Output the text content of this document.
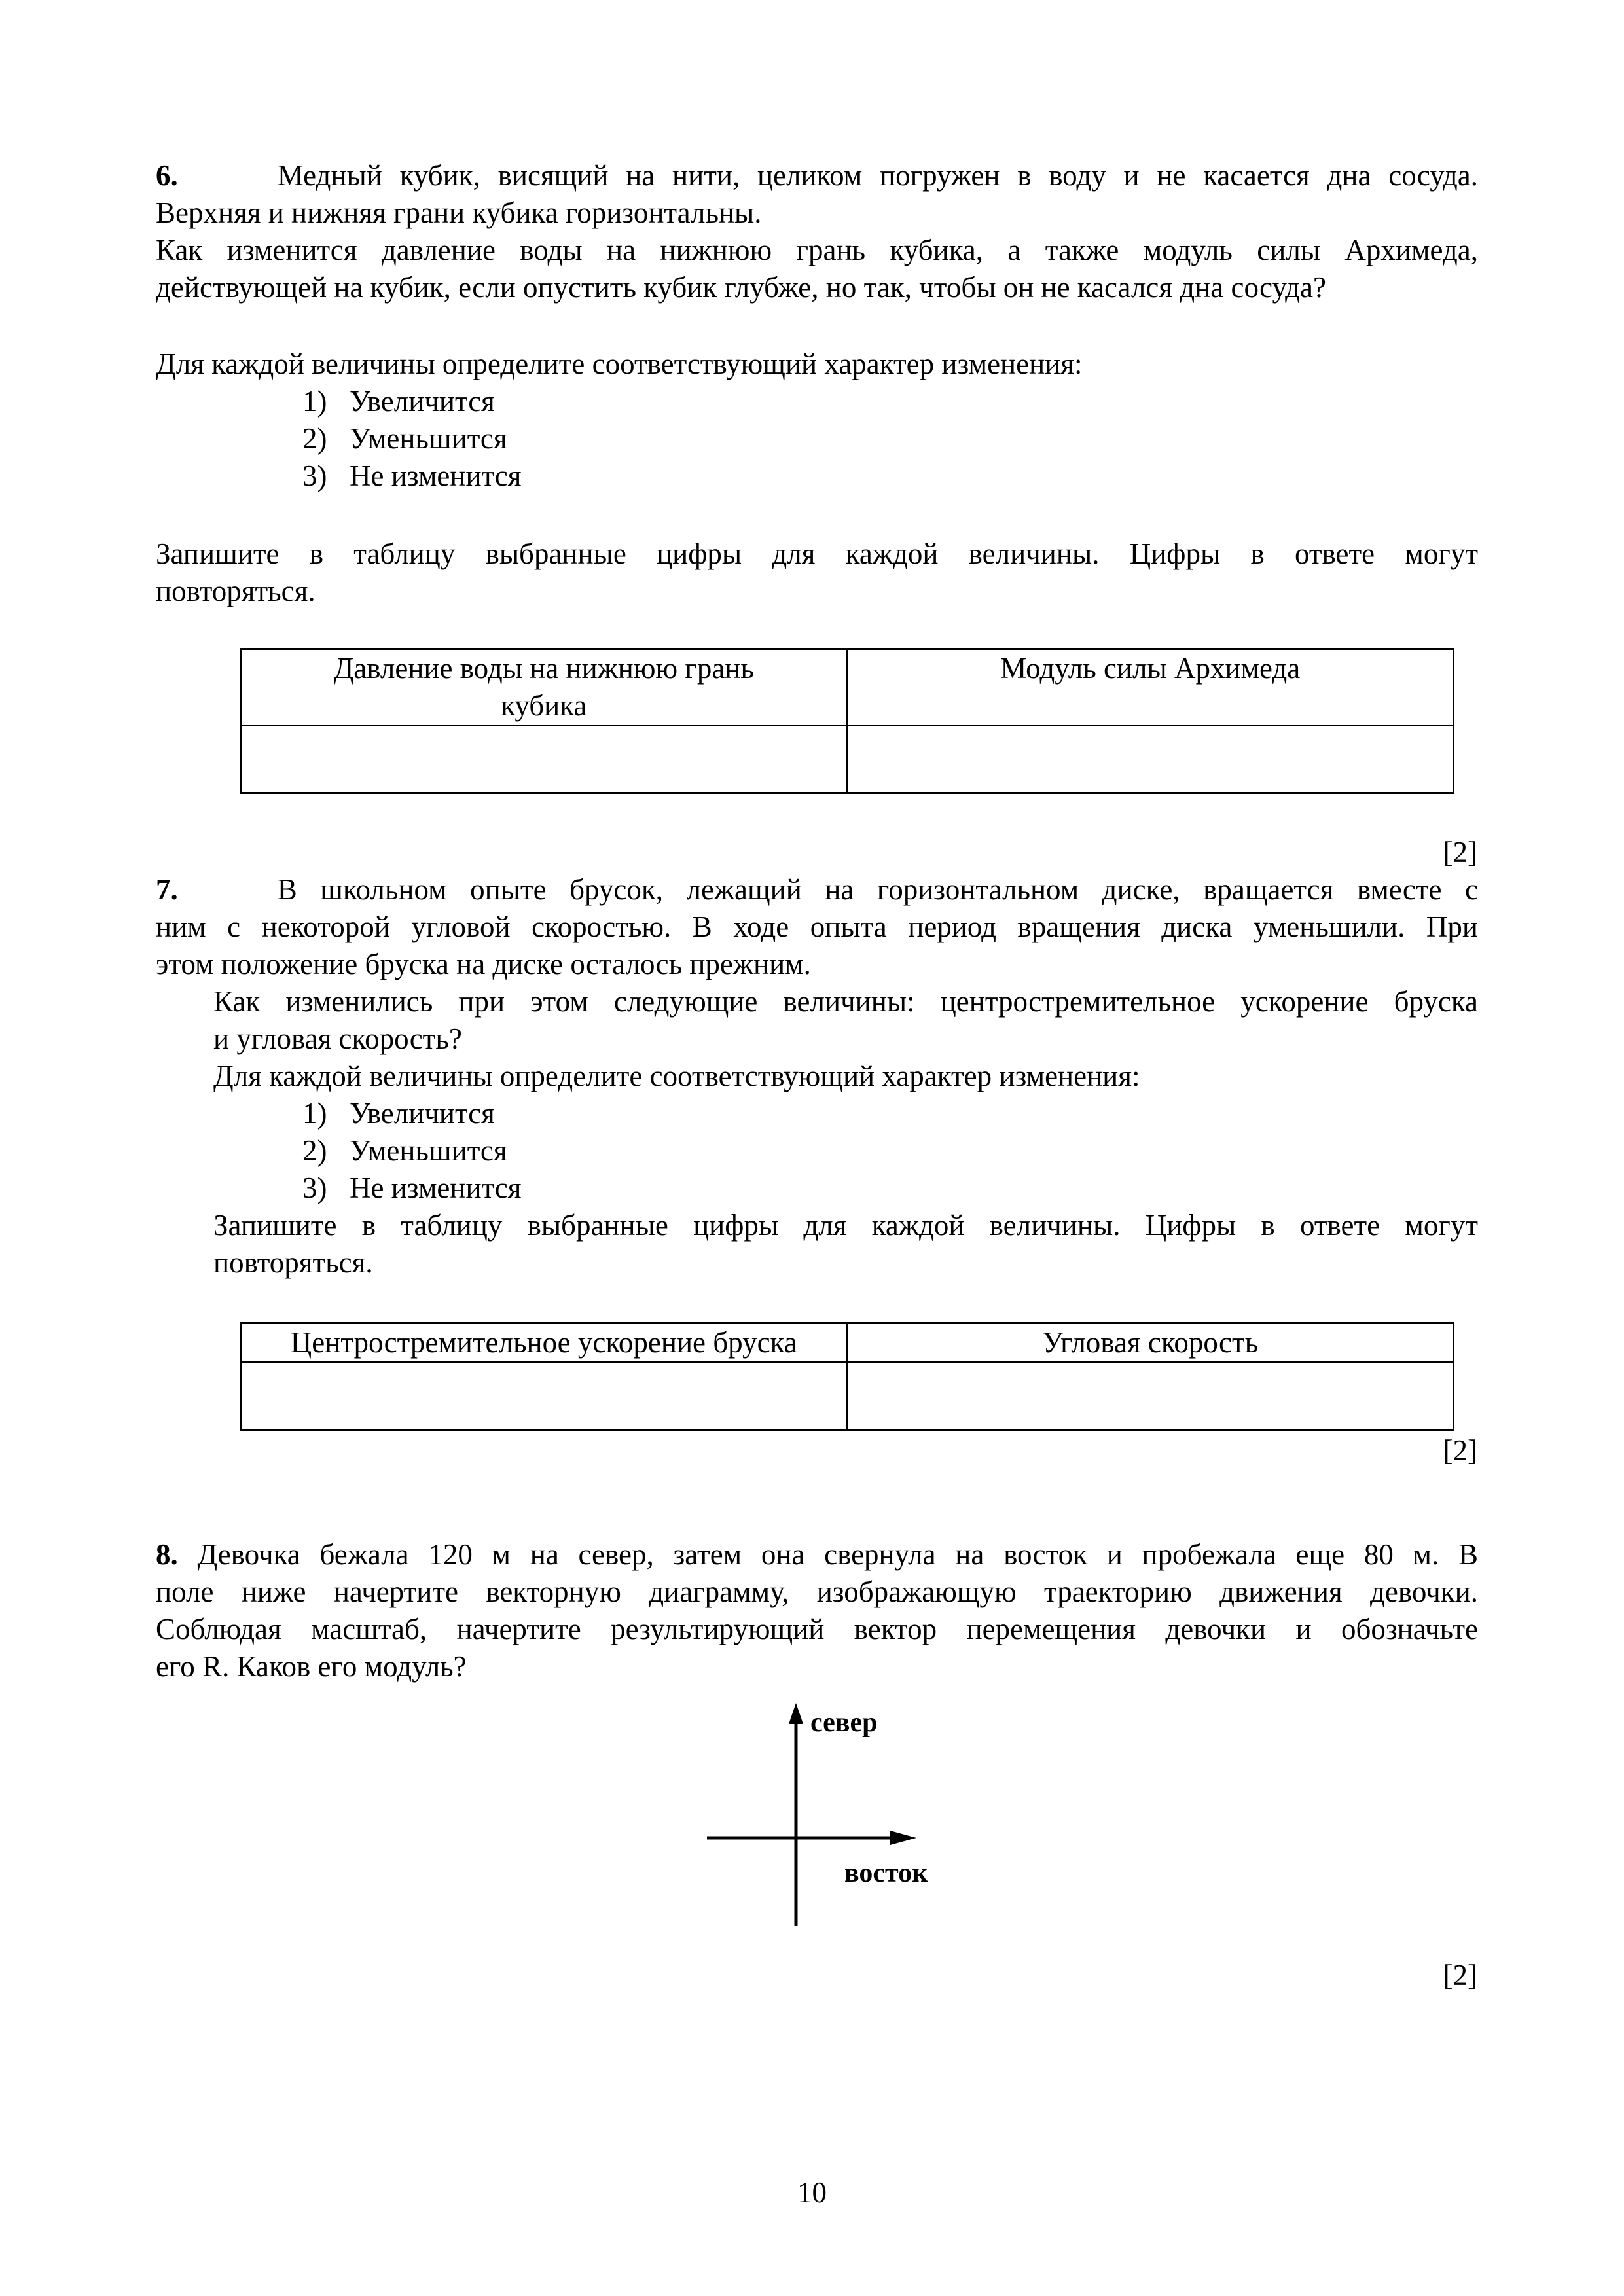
6.	Медный кубик, висящий на нити, целиком погружен в воду и не касается дна сосуда.
Верхняя и нижняя грани кубика горизонтальны.
Как изменится давление воды на нижнюю грань кубика, а также модуль силы Архимеда,
действующей на кубик, если опустить кубик глубже, но так, чтобы он не касался дна сосуда?
Для каждой величины определите соответствующий характер изменения:
1) Увеличится
2) Уменьшится
3) Не изменится
Запишите в таблицу выбранные цифры для каждой величины. Цифры в ответе могут
повторяться.
Давление воды на нижнюю грань кубика	Модуль силы Архимеда

[2]
7.	В школьном опыте брусок, лежащий на горизонтальном диске, вращается вместе с
ним с некоторой угловой скоростью. В ходе опыта период вращения диска уменьшили. При
этом положение бруска на диске осталось прежним.
Как изменились при этом следующие величины: центростремительное ускорение бруска
и угловая скорость?
Для каждой величины определите соответствующий характер изменения:
1) Увеличится
2) Уменьшится
3) Не изменится
Запишите в таблицу выбранные цифры для каждой величины. Цифры в ответе могут
повторяться.
Центростремительное ускорение бруска	Угловая скорость

[2]
8. Девочка бежала 120 м на север, затем она свернула на восток и пробежала еще 80 м. В
поле ниже начертите векторную диаграмму, изображающую траекторию движения девочки.
Соблюдая масштаб, начертите результирующий вектор перемещения девочки и обозначьте
его R. Каков его модуль?
север
восток
[2]
10
